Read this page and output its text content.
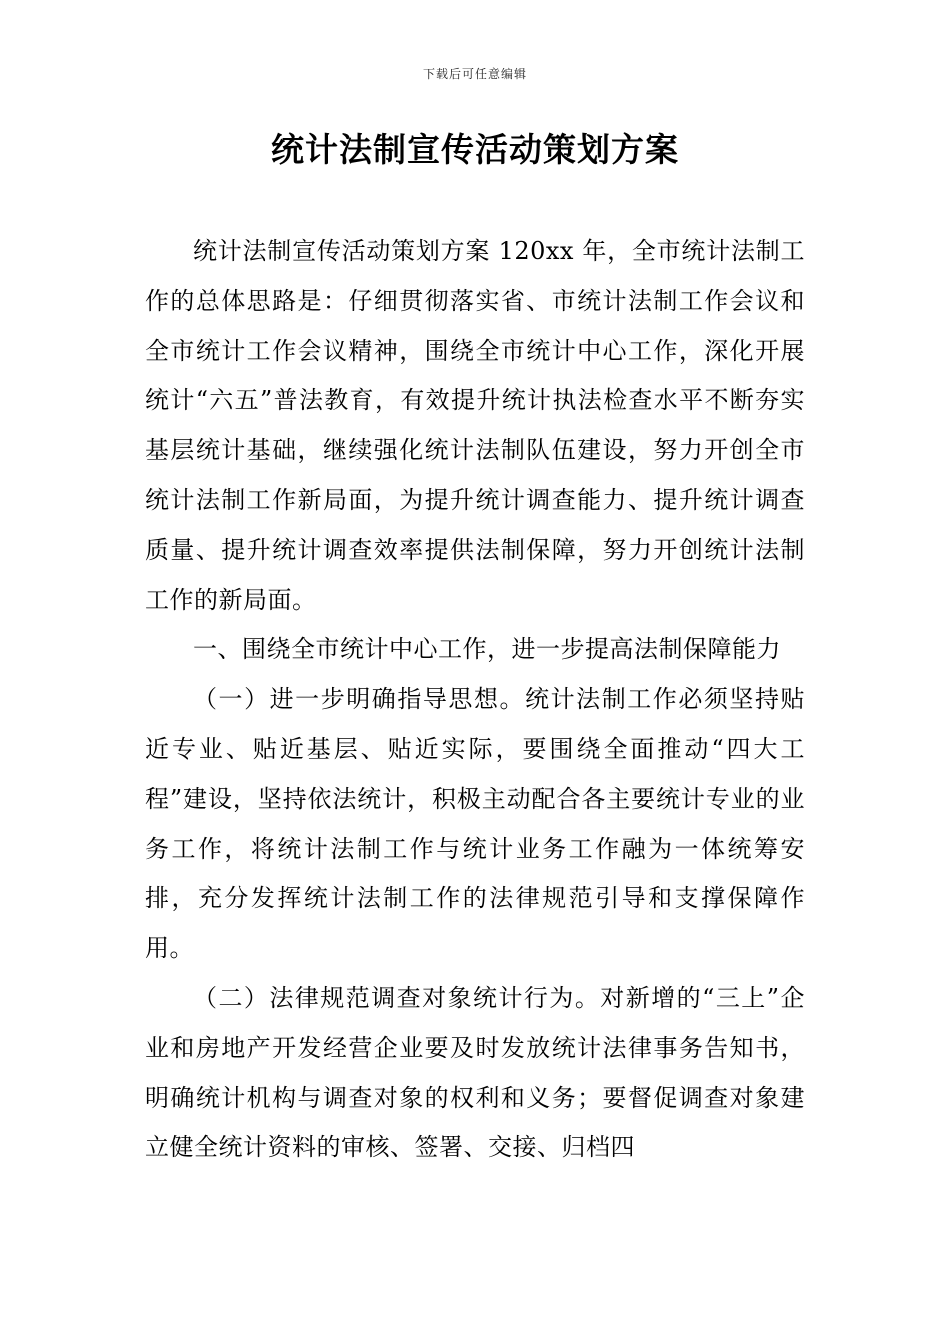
下载后可任意编辑
统计法制宣传活动策划方案

统计法制宣传活动策划方案 120xx 年，全市统计法制工作的总体思路是：仔细贯彻落实省、市统计法制工作会议和全市统计工作会议精神，围绕全市统计中心工作，深化开展统计“六五”普法教育，有效提升统计执法检查水平不断夯实基层统计基础，继续强化统计法制队伍建设，努力开创全市统计法制工作新局面，为提升统计调查能力、提升统计调查质量、提升统计调查效率提供法制保障，努力开创统计法制工作的新局面。

一、围绕全市统计中心工作，进一步提高法制保障能力

（一）进一步明确指导思想。统计法制工作必须坚持贴近专业、贴近基层、贴近实际，要围绕全面推动“四大工程”建设，坚持依法统计，积极主动配合各主要统计专业的业务工作，将统计法制工作与统计业务工作融为一体统筹安排，充分发挥统计法制工作的法律规范引导和支撑保障作用。

（二）法律规范调查对象统计行为。对新增的“三上”企业和房地产开发经营企业要及时发放统计法律事务告知书，明确统计机构与调查对象的权利和义务；要督促调查对象建立健全统计资料的审核、签署、交接、归档四
